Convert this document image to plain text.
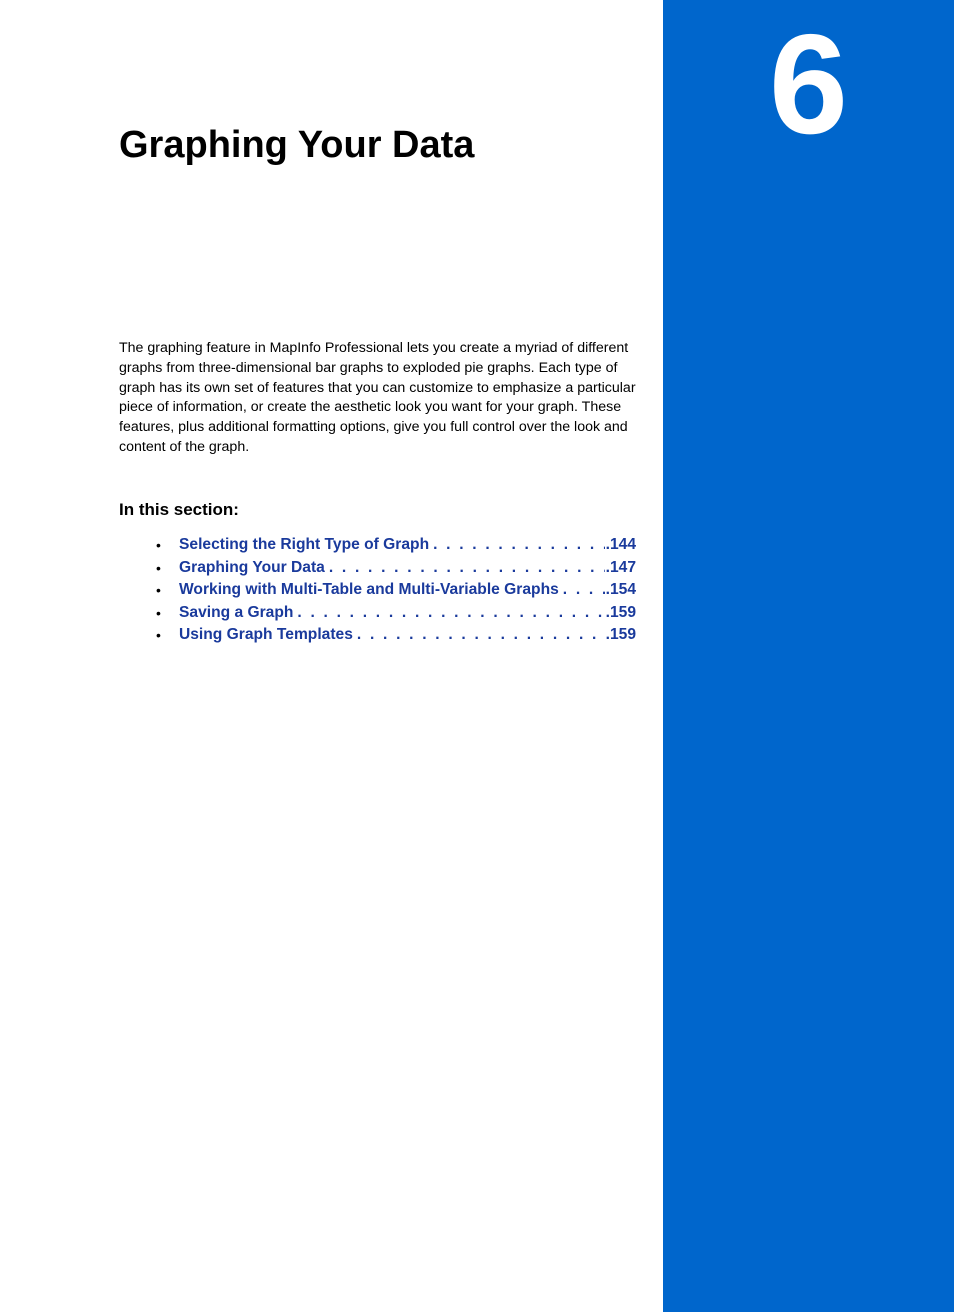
6
Graphing Your Data

The graphing feature in MapInfo Professional lets you create a myriad of different graphs from three-dimensional bar graphs to exploded pie graphs. Each type of graph has its own set of features that you can customize to emphasize a particular piece of information, or create the aesthetic look you want for your graph. These features, plus additional formatting options, give you full control over the look and content of the graph.

In this section:
•	Selecting the Right Type of Graph . . .	.144
•	Graphing Your Data . . .	.147
•	Working with Multi-Table and Multi-Variable Graphs . . .	.154
•	Saving a Graph . . .	.159
•	Using Graph Templates . . .	.159
